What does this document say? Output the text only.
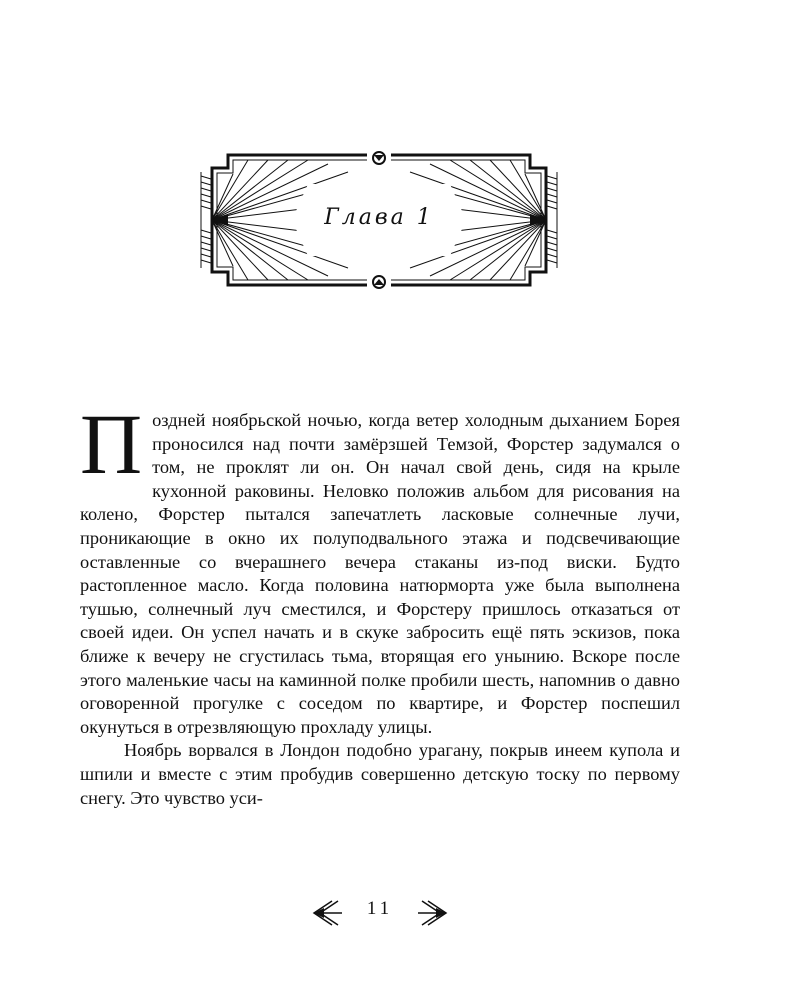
Глава 1

Поздней ноябрьской ночью, когда ветер холодным дыханием Борея проносился над почти замёрзшей Темзой, Форстер задумался о том, не проклят ли он. Он начал свой день, сидя на крыле кухонной раковины. Неловко положив альбом для рисования на колено, Форстер пытался запечатлеть ласковые солнечные лучи, проникающие в окно их полуподвального этажа и подсвечивающие оставленные со вчерашнего вечера стаканы из-под виски. Будто растопленное масло. Когда половина натюрморта уже была выполнена тушью, солнечный луч сместился, и Форстеру пришлось отказаться от своей идеи. Он успел начать и в скуке забросить ещё пять эскизов, пока ближе к вечеру не сгустилась тьма, вторящая его унынию. Вскоре после этого маленькие часы на каминной полке пробили шесть, напомнив о давно оговоренной прогулке с соседом по квартире, и Форстер поспешил окунуться в отрезвляющую прохладу улицы.

Ноябрь ворвался в Лондон подобно урагану, покрыв инеем купола и шпили и вместе с этим пробудив совершенно детскую тоску по первому снегу. Это чувство уси-

11
